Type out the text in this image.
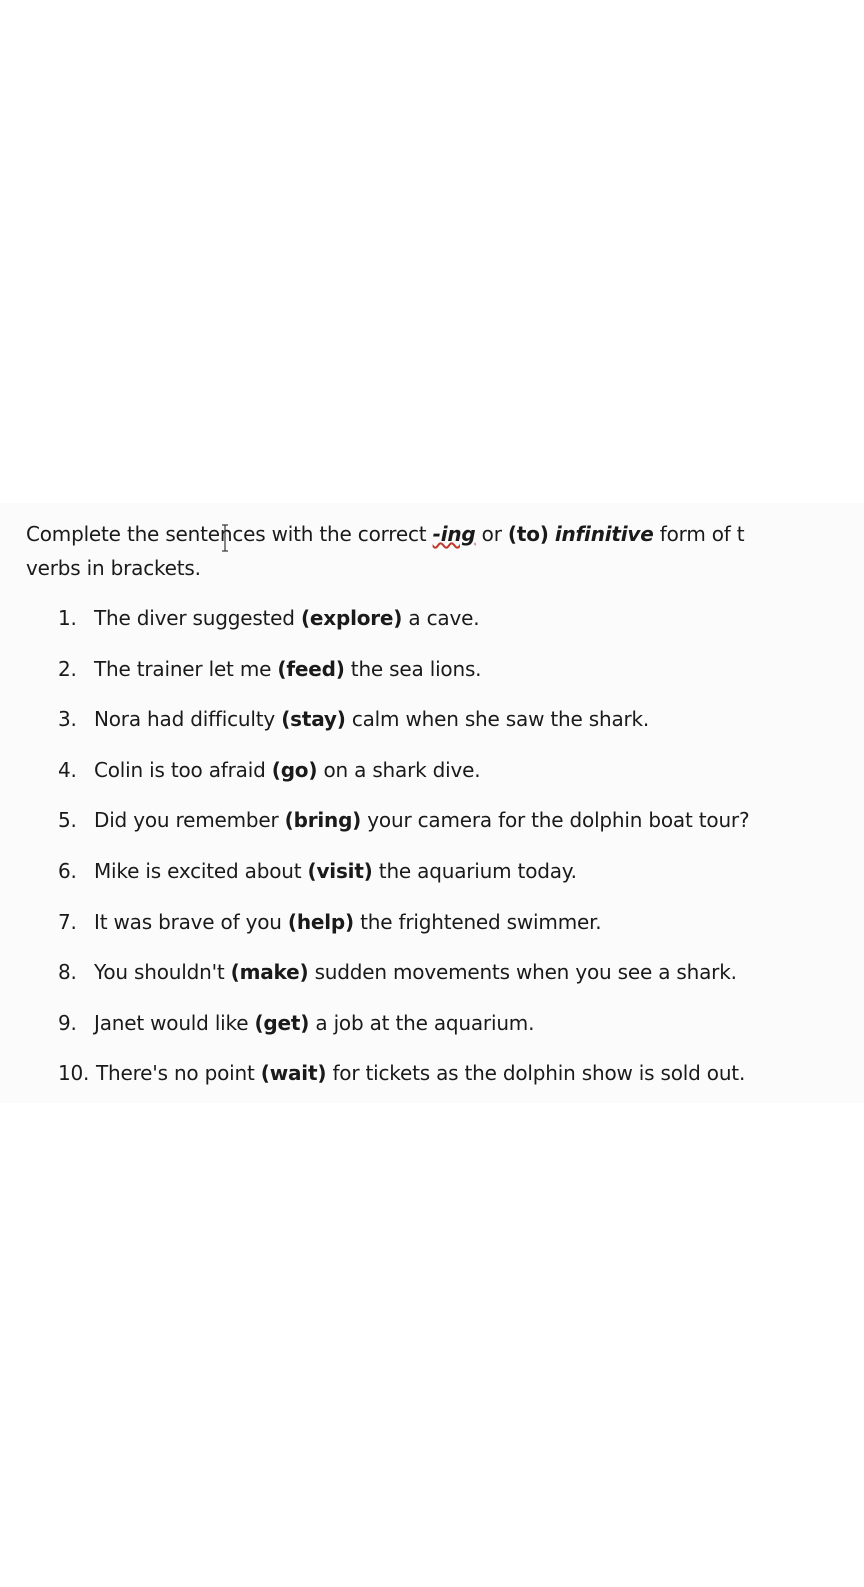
Complete the sentences with the correct -ing or (to) infinitive form of t
verbs in brackets.
1. The diver suggested (explore) a cave.
2. The trainer let me (feed) the sea lions.
3. Nora had difficulty (stay) calm when she saw the shark.
4. Colin is too afraid (go) on a shark dive.
5. Did you remember (bring) your camera for the dolphin boat tour?
6. Mike is excited about (visit) the aquarium today.
7. It was brave of you (help) the frightened swimmer.
8. You shouldn't (make) sudden movements when you see a shark.
9. Janet would like (get) a job at the aquarium.
10. There's no point (wait) for tickets as the dolphin show is sold out.
